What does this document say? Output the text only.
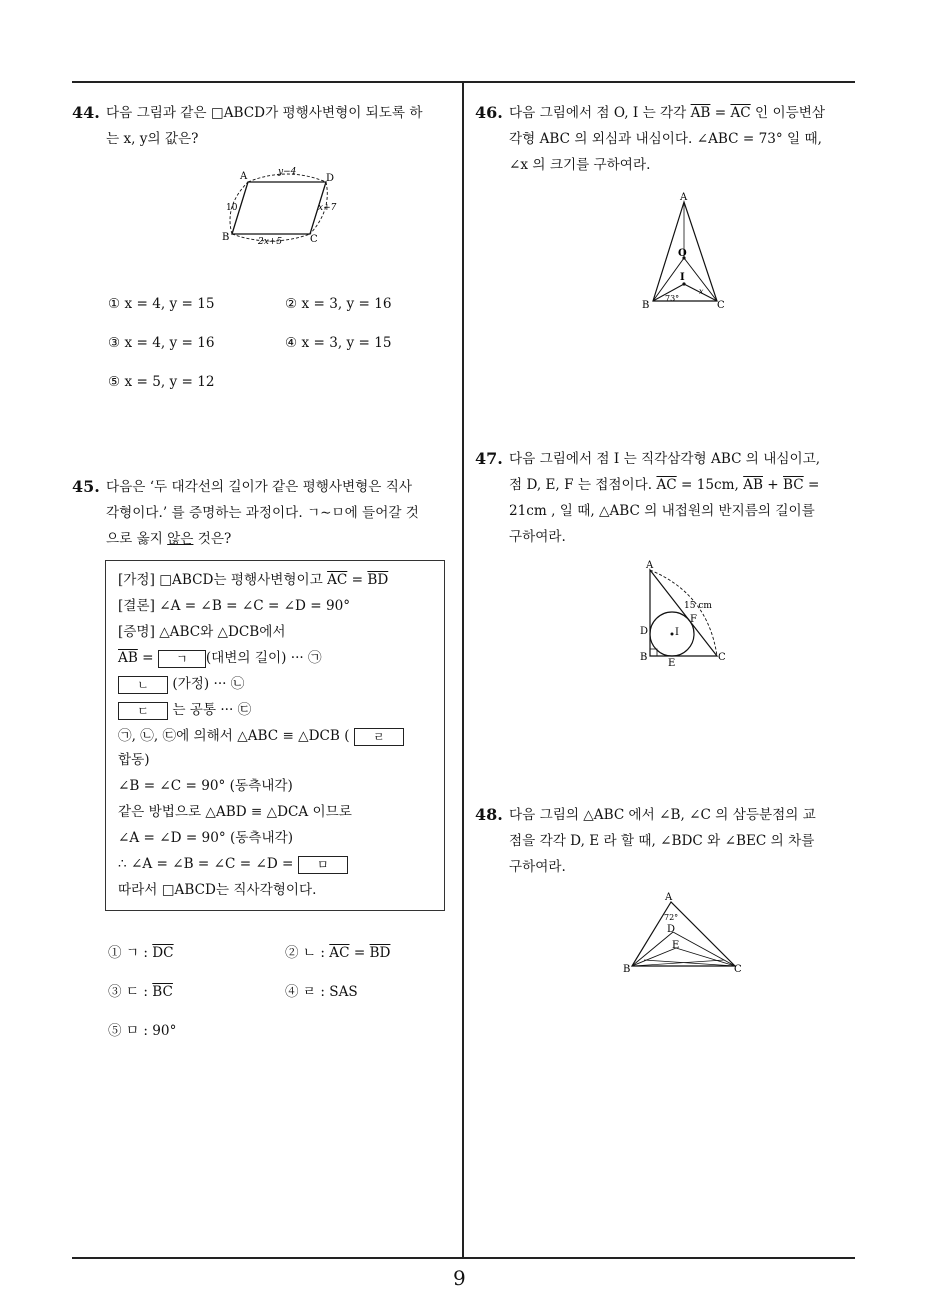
44. 다음 그림과 같은 □ABCD가 평행사변형이 되도록 하
는 x, y의 값은?
A	D
B	C
y−4
10	x+7
2x+5
① x = 4, y = 15	② x = 3, y = 16
③ x = 4, y = 16	④ x = 3, y = 15
⑤ x = 5, y = 12
45. 다음은 ‘두 대각선의 길이가 같은 평행사변형은 직사
각형이다.’ 를 증명하는 과정이다. ㄱ∼ㅁ에 들어갈 것
으로 옳지 않은 것은?
[가정] □ABCD는 평행사변형이고 $\overline{AC} = \overline{BD}$
[결론] ∠A = ∠B = ∠C = ∠D = 90°
[증명] △ABC와 △DCB에서
$\overline{AB}$ = ㄱ (대변의 길이) ··· ㉠
ㄴ (가정) ··· ㉡
ㄷ 는 공통 ··· ㉢
㉠, ㉡, ㉢에 의해서 △ABC ≡ △DCB ( ㄹ
합동)
∠B = ∠C = 90° (동측내각)
같은 방법으로 △ABD ≡ △DCA 이므로
∠A = ∠D = 90° (동측내각)
∴ ∠A = ∠B = ∠C = ∠D = ㅁ
따라서 □ABCD는 직사각형이다.
① ㄱ : $\overline{DC}$	② ㄴ : $\overline{AC} = \overline{BD}$
③ ㄷ : $\overline{BC}$	④ ㄹ : SAS
⑤ ㅁ : 90°
46. 다음 그림에서 점 O, I 는 각각 $\overline{AB} = \overline{AC}$ 인 이등변삼
각형 ABC 의 외심과 내심이다. ∠ABC = 73° 일 때,
∠x 의 크기를 구하여라.
A
O
I
B	C
73°
x
47. 다음 그림에서 점 I 는 직각삼각형 ABC 의 내심이고,
점 D, E, F 는 접점이다. $\overline{AC} = 15cm$, $\overline{AB} + \overline{BC}$ =
21cm , 일 때, △ABC 의 내접원의 반지름의 길이를
구하여라.
A
D
B
E
C
F
I
15 cm
48. 다음 그림의 △ABC 에서 ∠B, ∠C 의 삼등분점의 교
점을 각각 D, E 라 할 때, ∠BDC 와 ∠BEC 의 차를
구하여라.
A
72°
D
E
B	C
9
